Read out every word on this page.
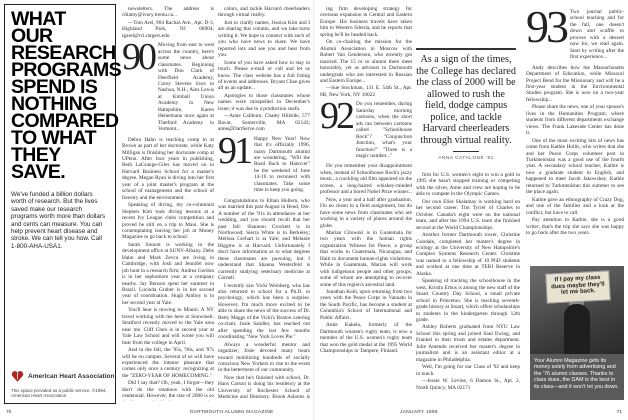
WHAT OUR
RESEARCH
PROGRAMS
SPEND IS
NOTHING
COMPARED
TO WHAT
THEY SAVE.
We've funded a billion dollars worth of research. But the lives saved make our research programs worth more than dollars and cents can measure. You can help prevent heart disease and stroke. We can tell you how. Call 1-800-AHA-USA1.
American Heart Association
This space provided as a public service. ©1994, American Heart Association

newsletters. The address is cblamy@ivory.trentu.ca...

—Tom Arel, 904 Rachas Ave., Apt. D-3, Highland Park, NJ 08904; tgarel@rci.rutgers.edu

90 Moving from east to west across the country, here's some news about classmates. Beginning with Don Clark of Deerfield Academy, Corey Stevens lives in Nashua, N.H.; Alex Lewis at Kimball Union Academy in New Hampshire, Karen Heinemann once again at Thetford Academy in Vermont...

Debra Hahn is teaching comp in at Brown as part of her doctorate, while Katy Milligan is finishing her doctorate comp at UPenn. After four years in publishing, Beth LaGrange-Giles has moved on to Harvard Business School for a master's degree. Megan Ryan is diving into her first year of a joint master's program at the school of management and the school of forestry and the environment.

Speaking of diving, my co-columnist Stephen Kim took diving lessons at a recent Ivy League clubs competition and proved he still on a trip to Maui. She is contemplating leaving her job at Money Magazine to go back to school.

Sarah Sinnott is working in the development office at SUNY-Albany. Debs Hahn and Mark Zevcu are living in Cambridge, with Josh and Jennifer now job hunt in a research firm; Andrea Gordon is in her sophomore year at a company nearby. Jay Benson spent her summer in Brazil. Lucinda Gruber is in her second year of coordination. Hugh Amboy is in her second year at Yale.

You'll hear is moving to Miami. A NY travel working with me here in Snowmelt. Stratford recently moved to the Yale area near me. Cliff Chen is in second year at Yale Law School and will wrote you will hear from the college in April.

And in the fall, the '95s, '96s, and '97s will be on campus. Several of us will have experienced the intense pleasure that comes only once a century: recognizing at the "ZERO-YEAR OF HOMECOMING."

Did I say that? Oh, yeah, I forgot—they don't do the rotations with the old centennial. However, the size of 2000 is so

colors, and tackle Harvard cheerleaders through virtual reality.

Just to clarify names, Jessica Kim and I are sharing this column, and we take turns writing it. We hope to connect with each of you who have news to share. We have reported lots and see you and hear from you.

Some of you have asked how to stay in touch. Please e-mail or call and let us know. The class website has a full listing of events and addresses. Bryant Chao gives all us an update...

Apologies to those classmates whose names were misspelled in December's issue; it was due to a production snafu.

—Anne Caliburn, Chaley Hillside, 577 Ravat, Somerville, MA 02143; anne@DartServe.com

91 Happy New Year! Now that it's officially 1996, many Dartmouth alumni are wondering, "Will the Road Back to Hanover" be the weekend of June 14-16 to reconnect with classmates. Take some time to keep you going.

Congratulations to Ethan Hollern, who was married this past August in Bend, Ore. A number of the '91s in attendance at her wedding, and you should recall that her past fall: Shannon Crockett is in Northwood; Sierra White is in Berkeley; Melissa Gerhart is at Yale; and Melanie Higgins is at Harvard. Unfortunately I don't have information as to what degrees these classmates are pursuing, but I understand that Shauna Westerfeld is currently studying veterinary medicine at Cornell.

I recently saw Vicki Weinberg, who has also returned to school for a Ph.D. in psychology, which has been a surprise. However, I'm much more excited to be able to share the news of the success of Dr. Betty Maggs of the Vicki's Boston catering co-chair, Josie Sandler, has reached out after spending the last few months coordinating "New York Loves Pie."

Always a wonderful mentor and organizer, Josie devoted many hours toward mobilizing hundreds of socially conscious New Yorkers to rise to the event in the betterment of our community.

Now that he's finished with school, Dr. Hans Carson is doing his residency at the University of Rochester School of Medicine and Dentistry. Brook Ashoms is

ing firm developing strategy for overseas expansion in Central and Eastern Europe. His business travels have taken him to Western Siberia, and he reports that spring he'll be headed back.

On co-chairing the mission for the Alumni Association in Moscow with Robert Van Gendersen, who recently got married. The 15 or so alumni there meet honorably, yet as advisors to Dartmouth undergrads who are interested in Russian and Eastern Europe...

—Sue Stockman, 131 E. 54th St., Apt. 6B, New York, NY 10022

92 Do you remember, during Saturday morning cartoons, when the short ads ran between cartoons called "Schoolhouse Rock"? "Conjunction Junction, what's your function?" "Three is a magic number..."

Do you remember your disappointment when, instead of Schoolhouse Rock's jazzy music, a crackling old film appeared on the screen, a long-haired whiskey-minded professor and a bored Nobel Prize winner...

Now, a year and a half after graduation, I'm no closer to a field assignment, but do have some news from classmates who are working in a variety of places around the globe.

Marian Cilowski is in Guatemala for two years with the human rights organization Witness for Peace, a group that works in Guatemala, Nicaragua, and Haiti to document human-rights violations. While in Guatemala, Marian will work with indigenous people and other groups, some of whom are attempting to recover some of this region's ancestral land.

Jonathan Kohl, upon returning from two years with the Peace Corps in Vanuatu in the South Pacific, has become a student at Columbia's School of International and Public Affairs.

Amie Kakela, formerly of the Dartmouth women's rugby team, is now a member of the U.S. women's rugby team that won the gold medal at the 1995 World Championships in Tampere, Finland.

As a sign of the times, the College has declared the class of 2000 will be allowed to rush the field, dodge campus police, and tackle Harvard cheerleaders through virtual reality.
ANNA CATALONE '91

firm for U.S. women's eight to win a gold in 1995 she hasn't stopped training or competing with the silver, Amie and crew are hoping to be able to compete in the Olympic Games.

Our own Elise Shalamay is working hard on her second career. Tim Tyrrel of Charles to October. Canada's eight were on the national team, and after the 1994 U.S. team she finished second at the World Championships.

Another former Dartmouth rower, Christine Goodale, completed her master's degree in ecology at the University of New Hampshire's Complex Systems Research Center. Christine was named to a fellowship of 10 PhD students and worked at one time at TERI Reserve in Alaska.

Speaking of tracking the schoolhouse in the west, Kristin Erbus is among the new staff of the Stuart Country Day School, a small private school in Princeton. She is teaching seventh-grade history at Stuart, which offers scholarships to students in the kindergarten through 12th grade.

Ashley Roberts graduated from NYU Law School this spring and joined Saul Ewing, and Frankel in their trusts and estates department. Julie Amendo received her master's degree in journalism and is an assistant editor at a magazine in Philadelphia.

Well, I'm going for our Class of '92 and keep in touch.

—Jessie W. Levine, 6 Damon St., Apt. 2, North Quincy, MA 02171

93 Two journal public-school teaching and for the fall, one doesn't down and scuffle to process with a dessert now for, we read again. Start by writing after the first experience...

Andy describes how the Massachusetts Department of Education, while Missouri Project Bend for the Missionary and will be a first-year student in the Environmental Studies program. She is now on a two-year fellowship...

Please share the news, one of your spouse's lives in the Humanities Program, where students from different departments exchange views. The Frank Lakeside Center has done it.

One of the most exciting bits of news has come from Kathie Hollis, who writes that she and her Peace Corps volunteer post in Turkmenistan was a good use of the fourth year. A secondary school teacher, Kathie is now a graduate student in English, and happened to meet Jacob Jakowshey. Kathie returned to Turkmenistan this summer to see the place again.

Kathie gave an ethnography of Crazy Dog, and one of the families and a look at the conflict, but have to call.

Pay attention to Kathie, she is a good writer; that's the trip she says she was happy to go back after the two years.

If I pay my class dues maybe they'll let me back.
Your Alumni Magazine gets its money solely from advertising and the '76 alumni classes. Thanks to class dues, the DAM is the best in its class—and it won't let you down.
70	DARTMOUTH ALUMNI MAGAZINE	JANUARY 1996	71
